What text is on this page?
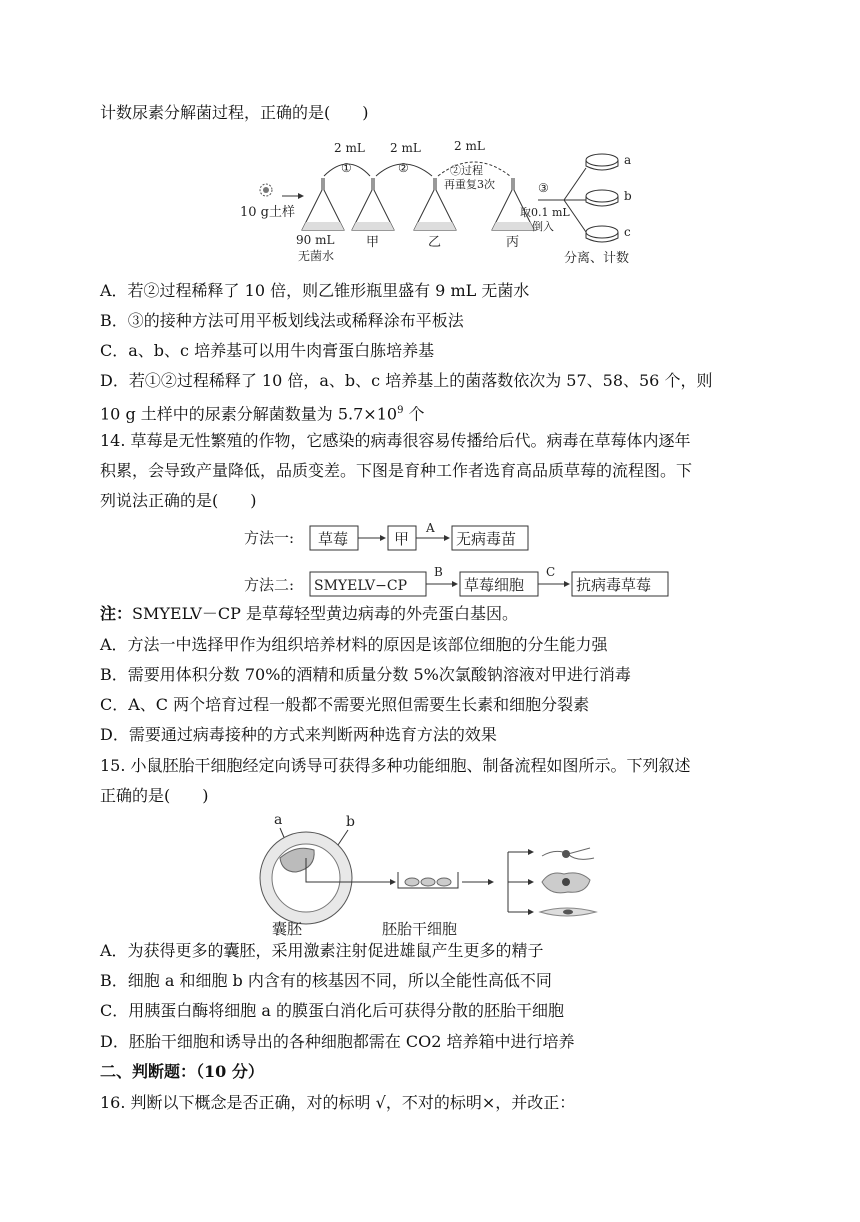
计数尿素分解菌过程，正确的是(　　)
10 g土样
90 mL
无菌水
甲	乙	丙
2 mL
①
2 mL
②
2 mL
②过程
再重复3次	③
取0.1 mL
倒入
a
b
c
分离、计数
A．若②过程稀释了 10 倍，则乙锥形瓶里盛有 9 mL 无菌水
B．③的接种方法可用平板划线法或稀释涂布平板法
C．a、b、c 培养基可以用牛肉膏蛋白胨培养基
D．若①②过程稀释了 10 倍，a、b、c 培养基上的菌落数依次为 57、58、56 个，则
10 g 土样中的尿素分解菌数量为 $5.7\times 10^9$ 个
14. 草莓是无性繁殖的作物，它感染的病毒很容易传播给后代。病毒在草莓体内逐年
积累，会导致产量降低，品质变差。下图是育种工作者选育高品质草莓的流程图。下
列说法正确的是(　　)
方法一: 草莓	甲
A
无病毒苗
方法二: SMYELV−CP
B
草莓细胞
C
抗病毒草莓
注：SMYELV－CP 是草莓轻型黄边病毒的外壳蛋白基因。
A．方法一中选择甲作为组织培养材料的原因是该部位细胞的分生能力强
B．需要用体积分数 70%的酒精和质量分数 5%次氯酸钠溶液对甲进行消毒
C．A、C 两个培育过程一般都不需要光照但需要生长素和细胞分裂素
D．需要通过病毒接种的方式来判断两种选育方法的效果
15. 小鼠胚胎干细胞经定向诱导可获得多种功能细胞、制备流程如图所示。下列叙述
正确的是(　　)
a	b
囊胚	胚胎干细胞
A．为获得更多的囊胚，采用激素注射促进雄鼠产生更多的精子
B．细胞 a 和细胞 b 内含有的核基因不同，所以全能性高低不同
C．用胰蛋白酶将细胞 a 的膜蛋白消化后可获得分散的胚胎干细胞
D．胚胎干细胞和诱导出的各种细胞都需在 CO2 培养箱中进行培养
二、判断题：（10 分）
16. 判断以下概念是否正确，对的标明 √，不对的标明×，并改正：
